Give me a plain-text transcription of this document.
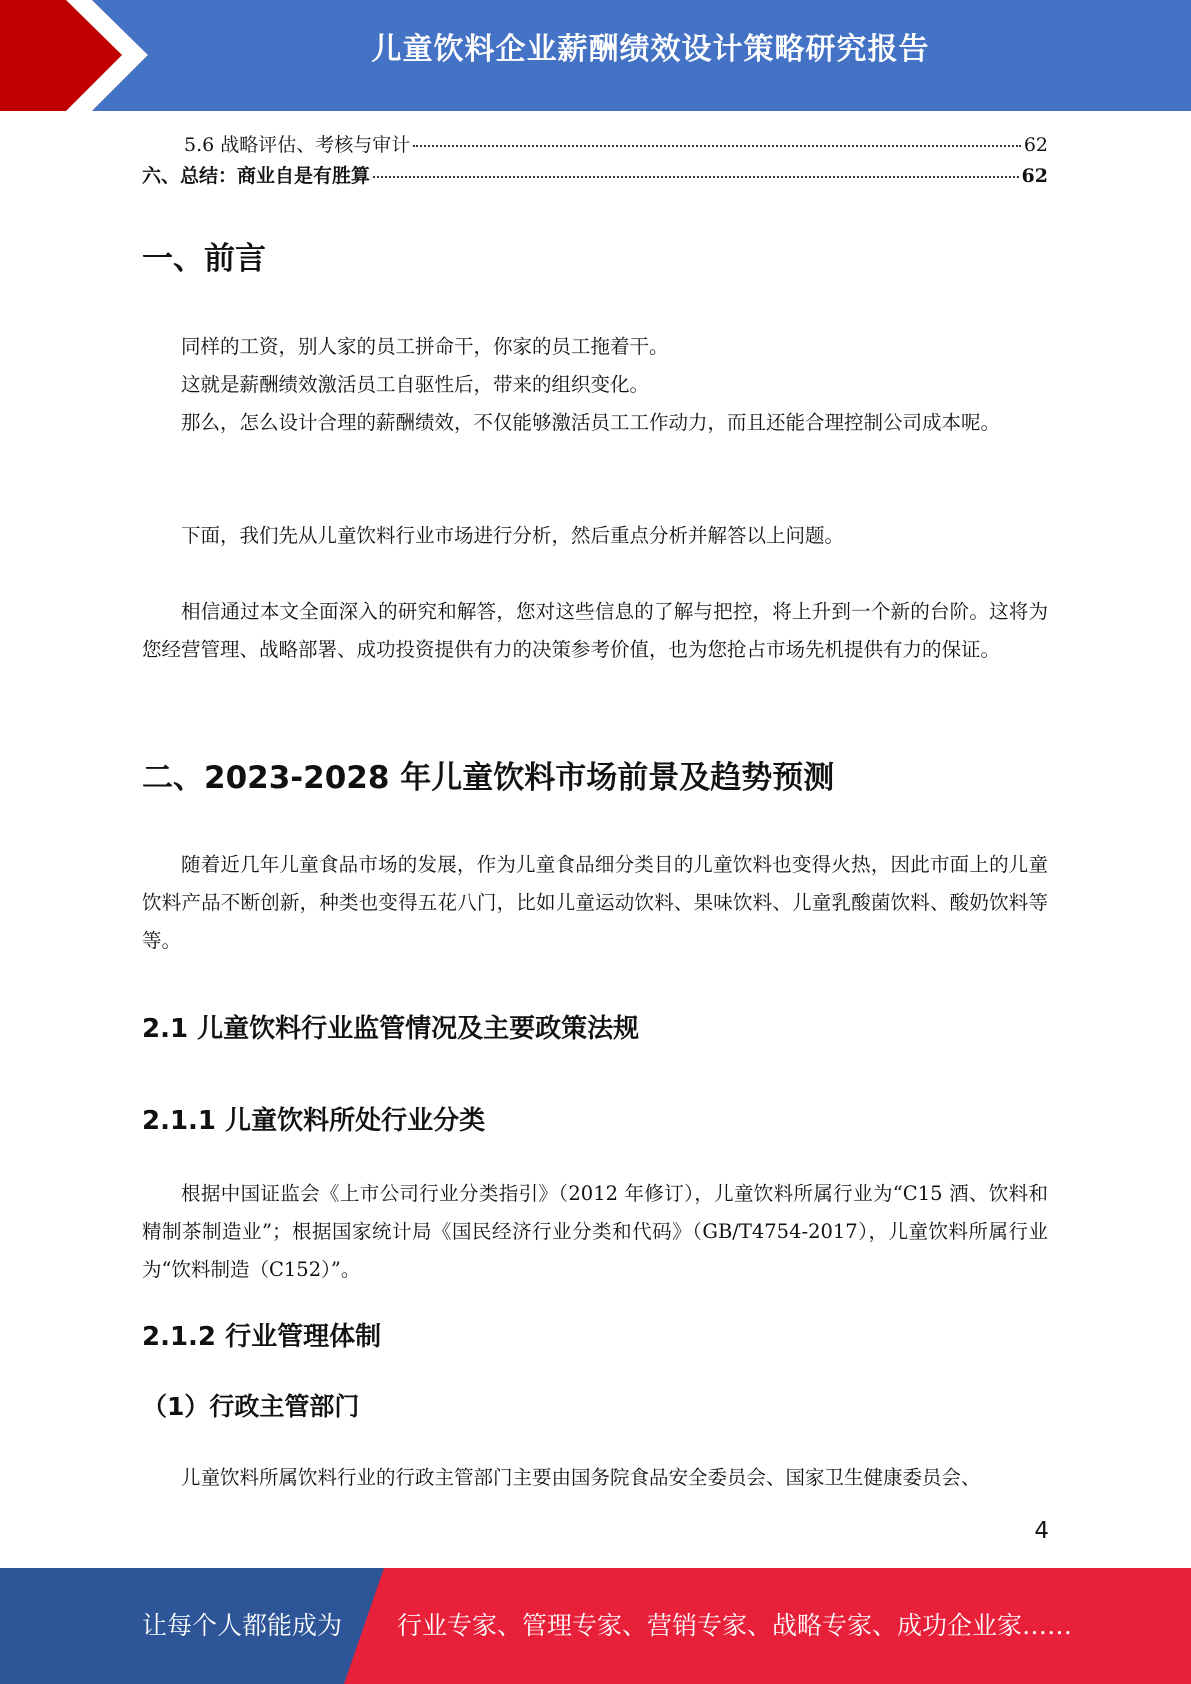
儿童饮料企业薪酬绩效设计策略研究报告
5.6 战略评估、考核与审计	62
六、总结：商业自是有胜算	62
一、前言

同样的工资，别人家的员工拼命干，你家的员工拖着干。

这就是薪酬绩效激活员工自驱性后，带来的组织变化。

那么，怎么设计合理的薪酬绩效，不仅能够激活员工工作动力，而且还能合理控制公司成本呢。

下面，我们先从儿童饮料行业市场进行分析，然后重点分析并解答以上问题。

相信通过本文全面深入的研究和解答，您对这些信息的了解与把控，将上升到一个新的台阶。这将为您经营管理、战略部署、成功投资提供有力的决策参考价值，也为您抢占市场先机提供有力的保证。

二、2023-2028 年儿童饮料市场前景及趋势预测

随着近几年儿童食品市场的发展，作为儿童食品细分类目的儿童饮料也变得火热，因此市面上的儿童饮料产品不断创新，种类也变得五花八门，比如儿童运动饮料、果味饮料、儿童乳酸菌饮料、酸奶饮料等等。

2.1 儿童饮料行业监管情况及主要政策法规
2.1.1 儿童饮料所处行业分类

根据中国证监会《上市公司行业分类指引》（2012 年修订），儿童饮料所属行业为“C15 酒、饮料和精制茶制造业”；根据国家统计局《国民经济行业分类和代码》（GB/T4754-2017），儿童饮料所属行业为“饮料制造（C152）”。

2.1.2 行业管理体制
（1）行政主管部门

儿童饮料所属饮料行业的行政主管部门主要由国务院食品安全委员会、国家卫生健康委员会、

4
让每个人都能成为 行业专家、管理专家、营销专家、战略专家、成功企业家……
